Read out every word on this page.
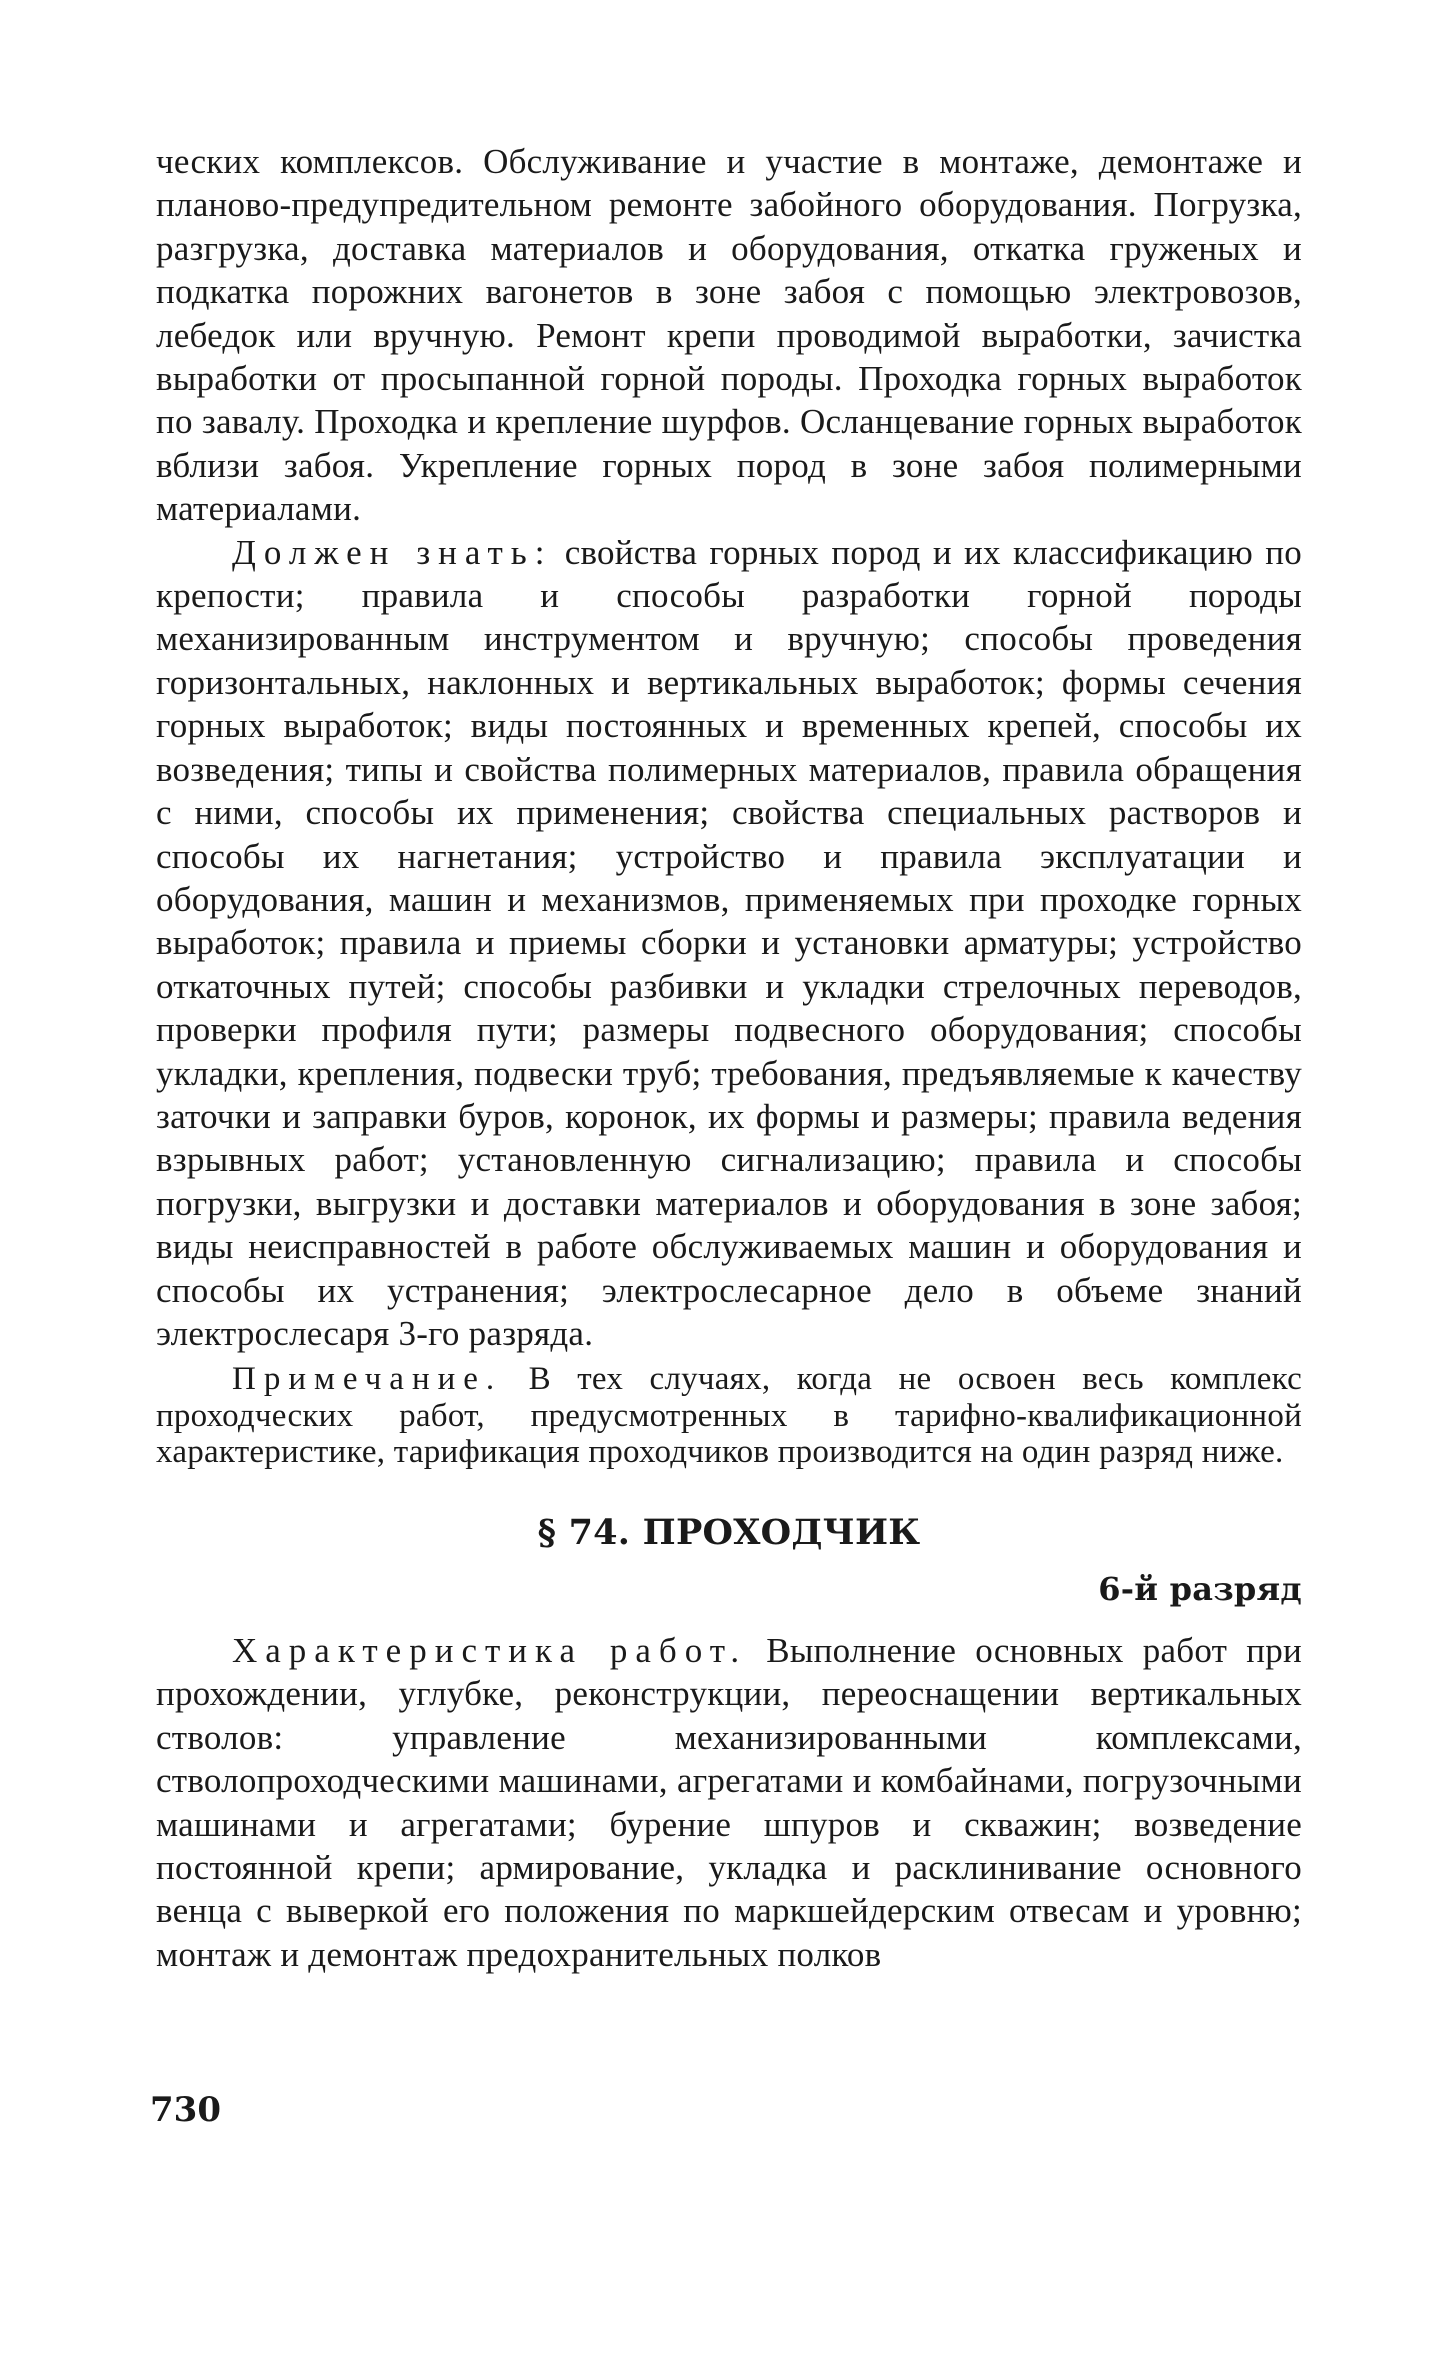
ческих комплексов. Обслуживание и участие в монтаже, демонтаже и планово-предупредительном ремонте забойного оборудования. Погрузка, разгрузка, доставка материалов и оборудования, откатка груженых и подкатка порожних вагонетов в зоне забоя с помощью электровозов, лебедок или вручную. Ремонт крепи проводимой выработки, зачистка выработки от просыпанной горной породы. Проходка горных выработок по завалу. Проходка и крепление шурфов. Осланцевание горных выработок вблизи забоя. Укрепление горных пород в зоне забоя полимерными материалами.

Должен знать: свойства горных пород и их классификацию по крепости; правила и способы разработки горной породы механизированным инструментом и вручную; способы проведения горизонтальных, наклонных и вертикальных выработок; формы сечения горных выработок; виды постоянных и временных крепей, способы их возведения; типы и свойства полимерных материалов, правила обращения с ними, способы их применения; свойства специальных растворов и способы их нагнетания; устройство и правила эксплуатации и оборудования, машин и механизмов, применяемых при проходке горных выработок; правила и приемы сборки и установки арматуры; устройство откаточных путей; способы разбивки и укладки стрелочных переводов, проверки профиля пути; размеры подвесного оборудования; способы укладки, крепления, подвески труб; требования, предъявляемые к качеству заточки и заправки буров, коронок, их формы и размеры; правила ведения взрывных работ; установленную сигнализацию; правила и способы погрузки, выгрузки и доставки материалов и оборудования в зоне забоя; виды неисправностей в работе обслуживаемых машин и оборудования и способы их устранения; электрослесарное дело в объеме знаний электрослесаря 3-го разряда.

Примечание. В тех случаях, когда не освоен весь комплекс проходческих работ, предусмотренных в тарифно-квалификационной характеристике, тарификация проходчиков производится на один разряд ниже.

§ 74. ПРОХОДЧИК
6-й разряд

Характеристика работ. Выполнение основных работ при прохождении, углубке, реконструкции, переоснащении вертикальных стволов: управление механизированными комплексами, стволопроходческими машинами, агрегатами и комбайнами, погрузочными машинами и агрегатами; бурение шпуров и скважин; возведение постоянной крепи; армирование, укладка и расклинивание основного венца с выверкой его положения по маркшейдерским отвесам и уровню; монтаж и демонтаж предохранительных полков

730
